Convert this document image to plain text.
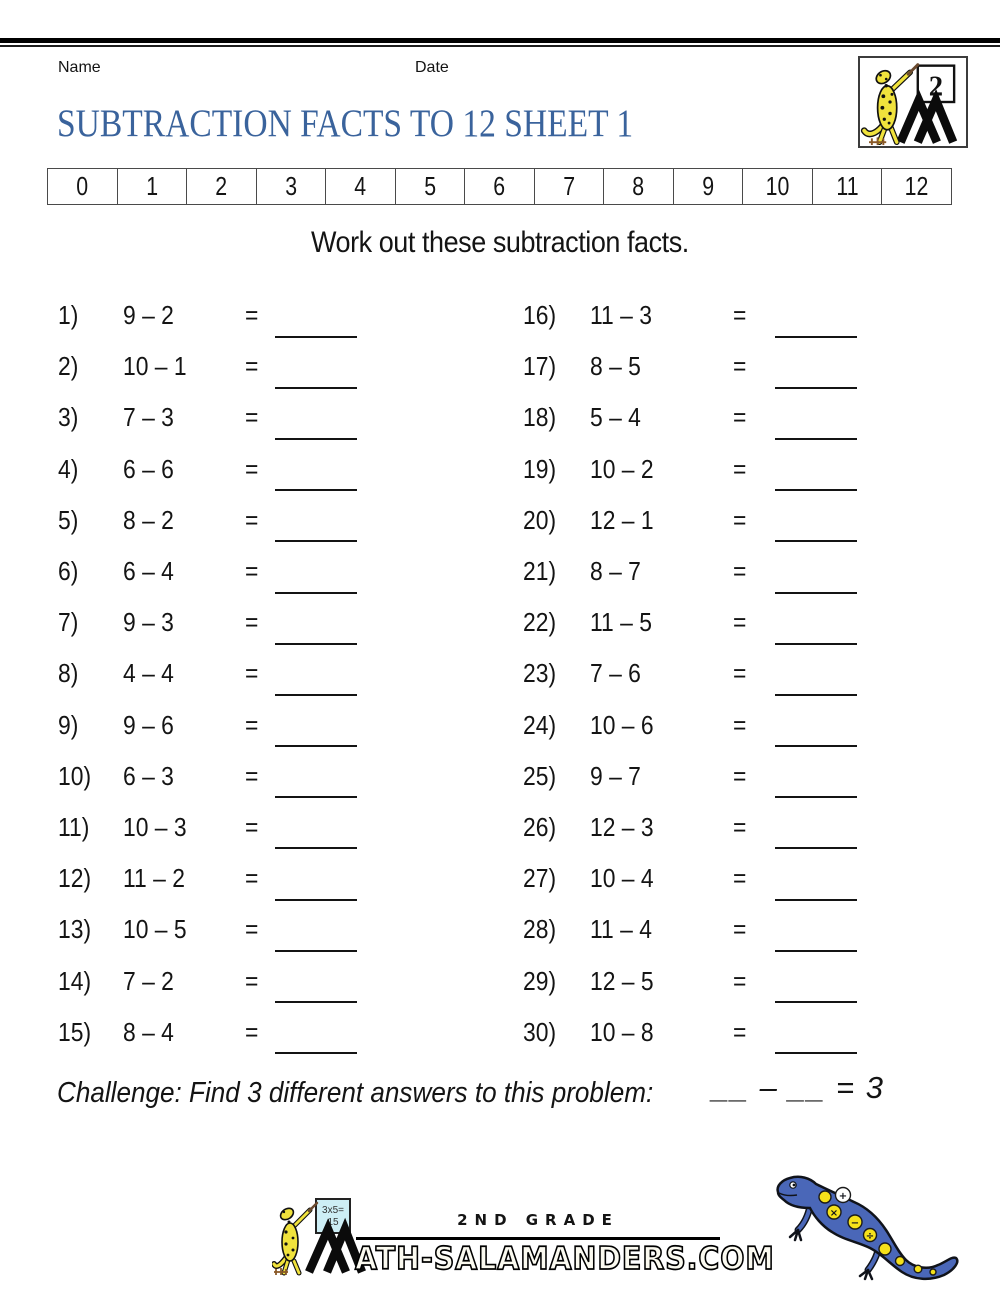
Name	Date
2
SUBTRACTION FACTS TO 12 SHEET 1
0 1 2 3 4 5 6 7 8 9 10 11 12
Work out these subtraction facts.
1)	9 – 2	=
2)	10 – 1	=
3)	7 – 3	=
4)	6 – 6	=
5)	8 – 2	=
6)	6 – 4	=
7)	9 – 3	=
8)	4 – 4	=
9)	9 – 6	=
10)	6 – 3	=
11)	10 – 3	=
12)	11 – 2	=
13)	10 – 5	=
14)	7 – 2	=
15)	8 – 4	=
16)	11 – 3	=
17)	8 – 5	=
18)	5 – 4	=
19)	10 – 2	=
20)	12 – 1	=
21)	8 – 7	=
22)	11 – 5	=
23)	7 – 6	=
24)	10 – 6	=
25)	9 – 7	=
26)	12 – 3	=
27)	10 – 4	=
28)	11 – 4	=
29)	12 – 5	=
30)	10 – 8	=
Challenge: Find 3 different answers to this problem: __ – __ = 3
3x5=
15	2ND GRADE
ATH-SALAMANDERS.COM
+
×
−
÷
